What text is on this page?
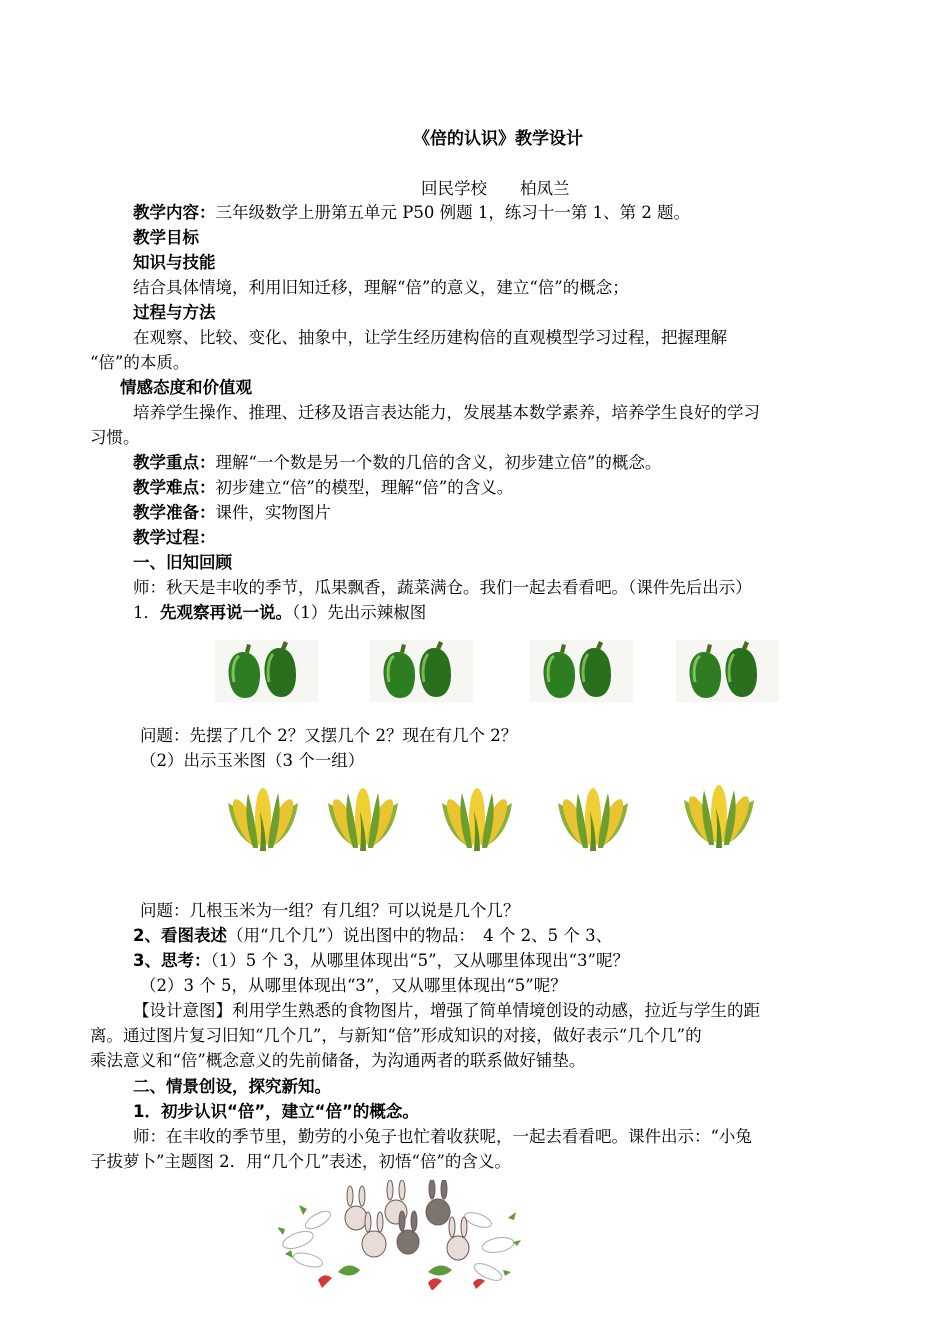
《倍的认识》教学设计
回民学校　　柏凤兰
教学内容：三年级数学上册第五单元 P50 例题 1，练习十一第 1、第 2 题。
教学目标
知识与技能
结合具体情境，利用旧知迁移，理解“倍”的意义，建立“倍”的概念；
过程与方法
在观察、比较、变化、抽象中，让学生经历建构倍的直观模型学习过程，把握理解
“倍”的本质。
情感态度和价值观
培养学生操作、推理、迁移及语言表达能力，发展基本数学素养，培养学生良好的学习
习惯。
教学重点：理解“一个数是另一个数的几倍的含义，初步建立倍”的概念。
教学难点：初步建立“倍”的模型，理解“倍”的含义。
教学准备：课件，实物图片
教学过程：
一、旧知回顾
师：秋天是丰收的季节，瓜果飘香，蔬菜满仓。我们一起去看看吧。（课件先后出示）
1．先观察再说一说。（1）先出示辣椒图
问题：先摆了几个 2？又摆几个 2？现在有几个 2？
（2）出示玉米图（3 个一组）
问题：几根玉米为一组？有几组？可以说是几个几？
2、看图表述（用“几个几”）说出图中的物品：　4 个 2、5 个 3、
3、思考：（1）5 个 3，从哪里体现出“5”，又从哪里体现出“3”呢？
（2）3 个 5，从哪里体现出“3”，又从哪里体现出“5”呢？
【设计意图】利用学生熟悉的食物图片，增强了简单情境创设的动感，拉近与学生的距
离。通过图片复习旧知“几个几”，与新知“倍”形成知识的对接，做好表示“几个几”的
乘法意义和“倍”概念意义的先前储备，为沟通两者的联系做好铺垫。
二、情景创设，探究新知。
1．初步认识“倍”，建立“倍”的概念。
师：在丰收的季节里，勤劳的小兔子也忙着收获呢，一起去看看吧。课件出示：“小兔
子拔萝卜”主题图 2．用“几个几”表述，初悟“倍”的含义。
